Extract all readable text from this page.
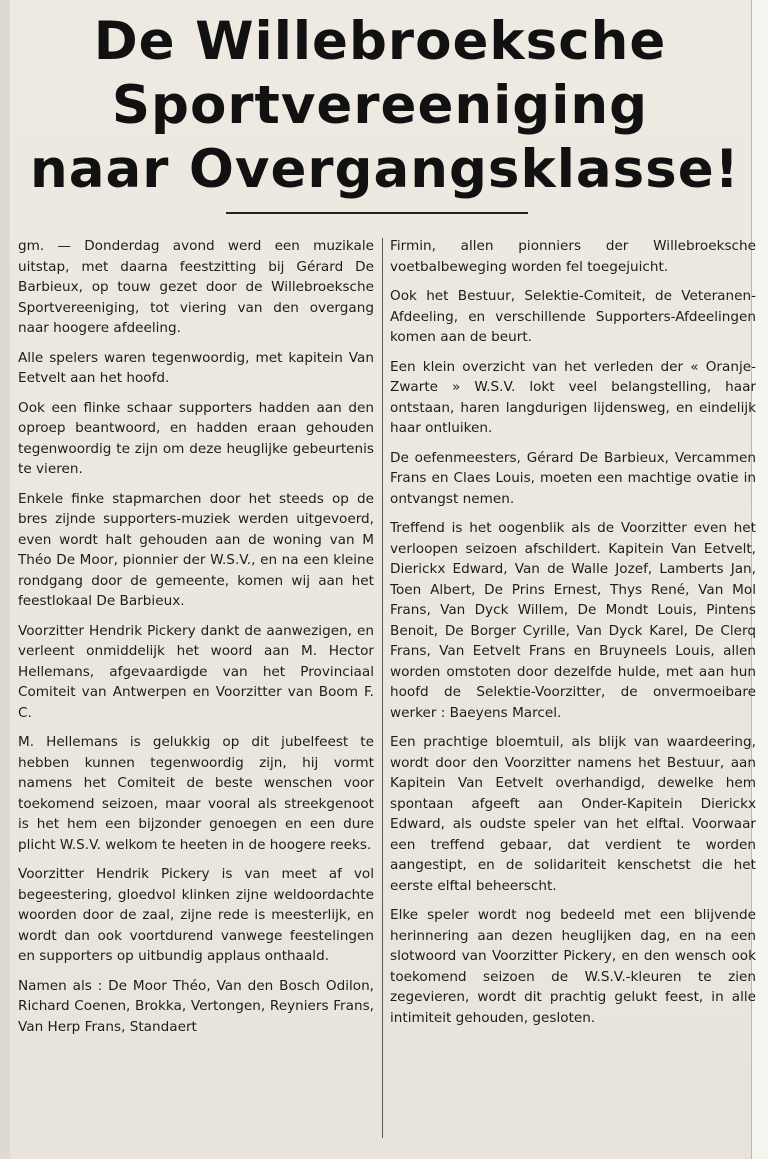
De Willebroeksche
Sportvereeniging
naar Overgangsklasse!

gm. — Donderdag avond werd een muzikale uitstap, met daarna feestzitting bij Gérard De Barbieux, op touw gezet door de Willebroeksche Sportvereeniging, tot viering van den overgang naar hoogere afdeeling.

Alle spelers waren tegenwoordig, met kapitein Van Eetvelt aan het hoofd.

Ook een flinke schaar supporters hadden aan den oproep beantwoord, en hadden eraan gehouden tegenwoordig te zijn om deze heuglijke gebeurtenis te vieren.

Enkele finke stapmarchen door het steeds op de bres zijnde supporters-muziek werden uitgevoerd, even wordt halt gehouden aan de woning van M Théo De Moor, pionnier der W.S.V., en na een kleine rondgang door de gemeente, komen wij aan het feestlokaal De Barbieux.

Voorzitter Hendrik Pickery dankt de aanwezigen, en verleent onmiddelijk het woord aan M. Hector Hellemans, afgevaardigde van het Provinciaal Comiteit van Antwerpen en Voorzitter van Boom F. C.

M. Hellemans is gelukkig op dit jubelfeest te hebben kunnen tegenwoordig zijn, hij vormt namens het Comiteit de beste wenschen voor toekomend seizoen, maar vooral als streekgenoot is het hem een bijzonder genoegen en een dure plicht W.S.V. welkom te heeten in de hoogere reeks.

Voorzitter Hendrik Pickery is van meet af vol begeestering, gloedvol klinken zijne weldoordachte woorden door de zaal, zijne rede is meesterlijk, en wordt dan ook voortdurend vanwege feestelingen en supporters op uitbundig applaus onthaald.

Namen als : De Moor Théo, Van den Bosch Odilon, Richard Coenen, Brokka, Vertongen, Reyniers Frans, Van Herp Frans, Standaert

Firmin, allen pionniers der Willebroeksche voetbalbeweging worden fel toegejuicht.

Ook het Bestuur, Selektie-Comiteit, de Veteranen-Afdeeling, en verschillende Supporters-Afdeelingen komen aan de beurt.

Een klein overzicht van het verleden der « Oranje-Zwarte » W.S.V. lokt veel belangstelling, haar ontstaan, haren langdurigen lijdensweg, en eindelijk haar ontluiken.

De oefenmeesters, Gérard De Barbieux, Vercammen Frans en Claes Louis, moeten een machtige ovatie in ontvangst nemen.

Treffend is het oogenblik als de Voorzitter even het verloopen seizoen afschildert. Kapitein Van Eetvelt, Dierickx Edward, Van de Walle Jozef, Lamberts Jan, Toen Albert, De Prins Ernest, Thys René, Van Mol Frans, Van Dyck Willem, De Mondt Louis, Pintens Benoit, De Borger Cyrille, Van Dyck Karel, De Clerq Frans, Van Eetvelt Frans en Bruyneels Louis, allen worden omstoten door dezelfde hulde, met aan hun hoofd de Selektie-Voorzitter, de onvermoeibare werker : Baeyens Marcel.

Een prachtige bloemtuil, als blijk van waardeering, wordt door den Voorzitter namens het Bestuur, aan Kapitein Van Eetvelt overhandigd, dewelke hem spontaan afgeeft aan Onder-Kapitein Dierickx Edward, als oudste speler van het elftal. Voorwaar een treffend gebaar, dat verdient te worden aangestipt, en de solidariteit kenschetst die het eerste elftal beheerscht.

Elke speler wordt nog bedeeld met een blijvende herinnering aan dezen heuglijken dag, en na een slotwoord van Voorzitter Pickery, en den wensch ook toekomend seizoen de W.S.V.-kleuren te zien zegevieren, wordt dit prachtig gelukt feest, in alle intimiteit gehouden, gesloten.
